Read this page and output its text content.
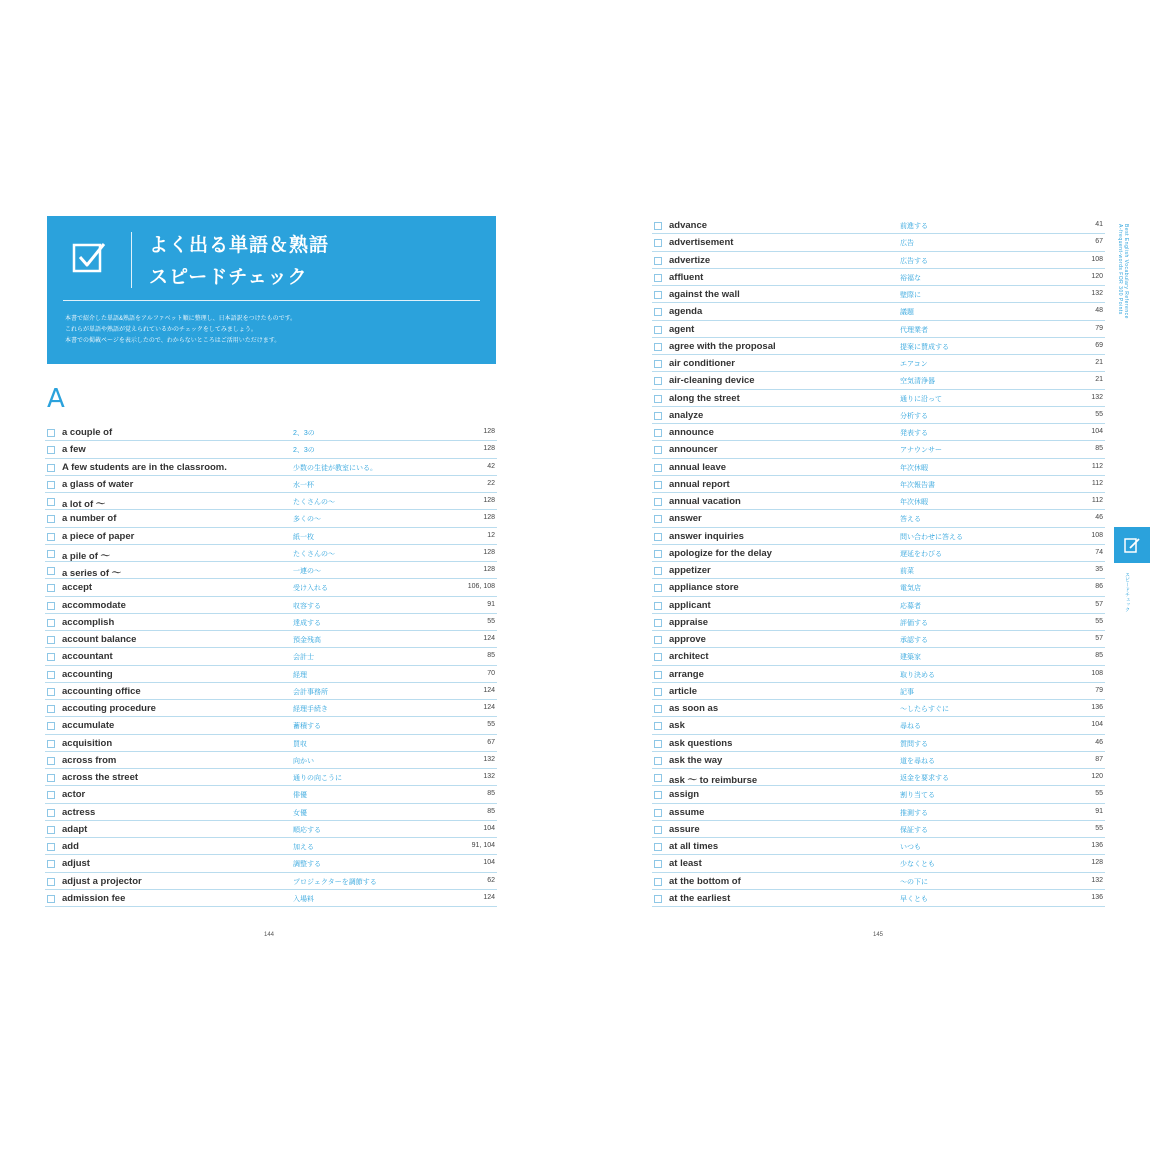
よく出る単語＆熟語
スピードチェック
本書で紹介した単語&熟語をアルファベット順に整理し、日本語訳をつけたものです。
これらが単語や熟語が覚えられているかのチェックをしてみましょう。
本書での掲載ページを表示したので、わからないところはご活用いただけます。
A
a couple of	2、3の	128
a few	2、3の	128
A few students are in the classroom.	少数の生徒が教室にいる。	42
a glass of water	水一杯	22
a lot of ～	たくさんの～	128
a number of	多くの～	128
a piece of paper	紙一枚	12
a pile of ～	たくさんの～	128
a series of ～	一連の～	128
accept	受け入れる	106, 108
accommodate	収容する	91
accomplish	達成する	55
account balance	預金残高	124
accountant	会計士	85
accounting	経理	70
accounting office	会計事務所	124
accouting procedure	経理手続き	124
accumulate	蓄積する	55
acquisition	買収	67
across from	向かい	132
across the street	通りの向こうに	132
actor	俳優	85
actress	女優	85
adapt	順応する	104
add	加える	91, 104
adjust	調整する	104
adjust a projector	プロジェクターを調節する	62
admission fee	入場料	124
advance	前進する	41
advertisement	広告	67
advertize	広告する	108
affluent	裕福な	120
against the wall	壁際に	132
agenda	議題	48
agent	代理業者	79
agree with the proposal	提案に賛成する	69
air conditioner	エアコン	21
air-cleaning device	空気清浄器	21
along the street	通りに沿って	132
analyze	分析する	55
announce	発表する	104
announcer	アナウンサー	85
annual leave	年次休暇	112
annual report	年次報告書	112
annual vacation	年次休暇	112
answer	答える	46
answer inquiries	問い合わせに答える	108
apologize for the delay	遅延をわびる	74
appetizer	前菜	35
appliance store	電気店	86
applicant	応募者	57
appraise	評価する	55
approve	承認する	57
architect	建築家	85
arrange	取り決める	108
article	記事	79
as soon as	～したらすぐに	136
ask	尋ねる	104
ask questions	質問する	46
ask the way	道を尋ねる	87
ask ～ to reimburse	返金を要求する	120
assign	割り当てる	55
assume	推測する	91
assure	保証する	55
at all times	いつも	136
at least	少なくとも	128
at the bottom of	～の下に	132
at the earliest	早くとも	136
144	145
Best English Vocabulary Reference
A-frequent-words FOR 300 Points
スピードチェック
